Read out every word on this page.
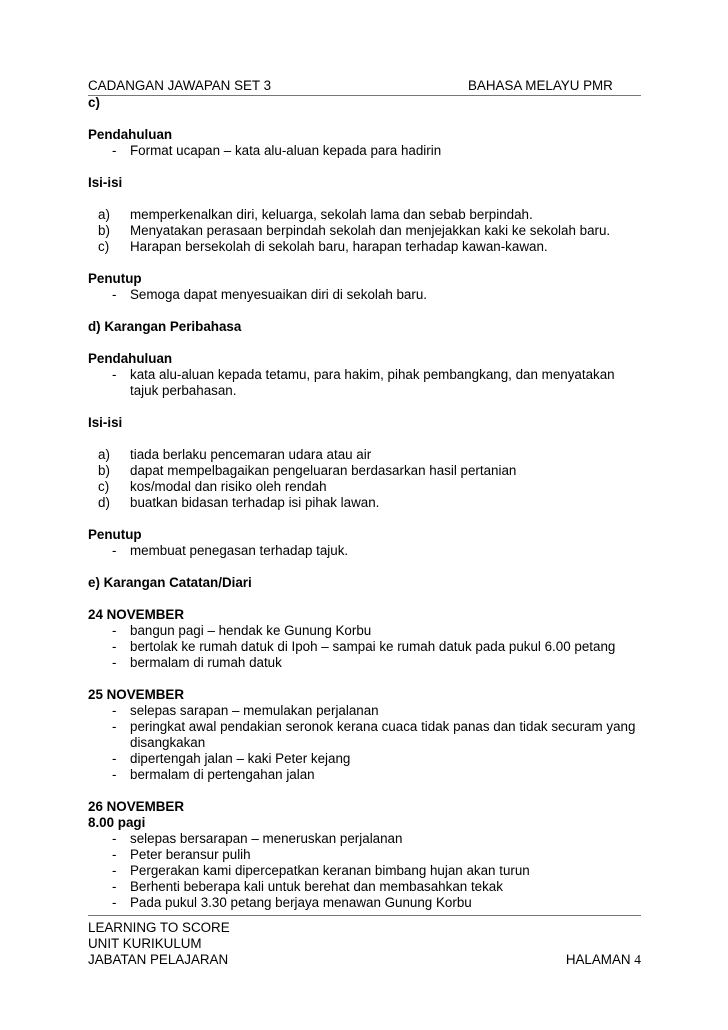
CADANGAN JAWAPAN SET 3	BAHASA MELAYU PMR
c)
Pendahuluan
- Format ucapan – kata alu-aluan kepada para hadirin
Isi-isi
a) memperkenalkan diri, keluarga, sekolah lama dan sebab berpindah.
b) Menyatakan perasaan berpindah sekolah dan menjejakkan kaki ke sekolah baru.
c) Harapan bersekolah di sekolah baru, harapan terhadap kawan-kawan.
Penutup
- Semoga dapat menyesuaikan diri di sekolah baru.
d) Karangan Peribahasa
Pendahuluan
- kata alu-aluan kepada tetamu, para hakim, pihak pembangkang, dan menyatakan
tajuk perbahasan.
Isi-isi
a) tiada berlaku pencemaran udara atau air
b) dapat mempelbagaikan pengeluaran berdasarkan hasil pertanian
c) kos/modal dan risiko oleh rendah
d) buatkan bidasan terhadap isi pihak lawan.
Penutup
- membuat penegasan terhadap tajuk.
e) Karangan Catatan/Diari
24 NOVEMBER
- bangun pagi – hendak ke Gunung Korbu
- bertolak ke rumah datuk di Ipoh – sampai ke rumah datuk pada pukul 6.00 petang
- bermalam di rumah datuk
25 NOVEMBER
- selepas sarapan – memulakan perjalanan
- peringkat awal pendakian seronok kerana cuaca tidak panas dan tidak securam yang
disangkakan
- dipertengah jalan – kaki Peter kejang
- bermalam di pertengahan jalan
26 NOVEMBER
8.00 pagi
- selepas bersarapan – meneruskan perjalanan
- Peter beransur pulih
- Pergerakan kami dipercepatkan keranan bimbang hujan akan turun
- Berhenti beberapa kali untuk berehat dan membasahkan tekak
- Pada pukul 3.30 petang berjaya menawan Gunung Korbu
LEARNING TO SCORE
UNIT KURIKULUM
JABATAN PELAJARAN	HALAMAN 4
